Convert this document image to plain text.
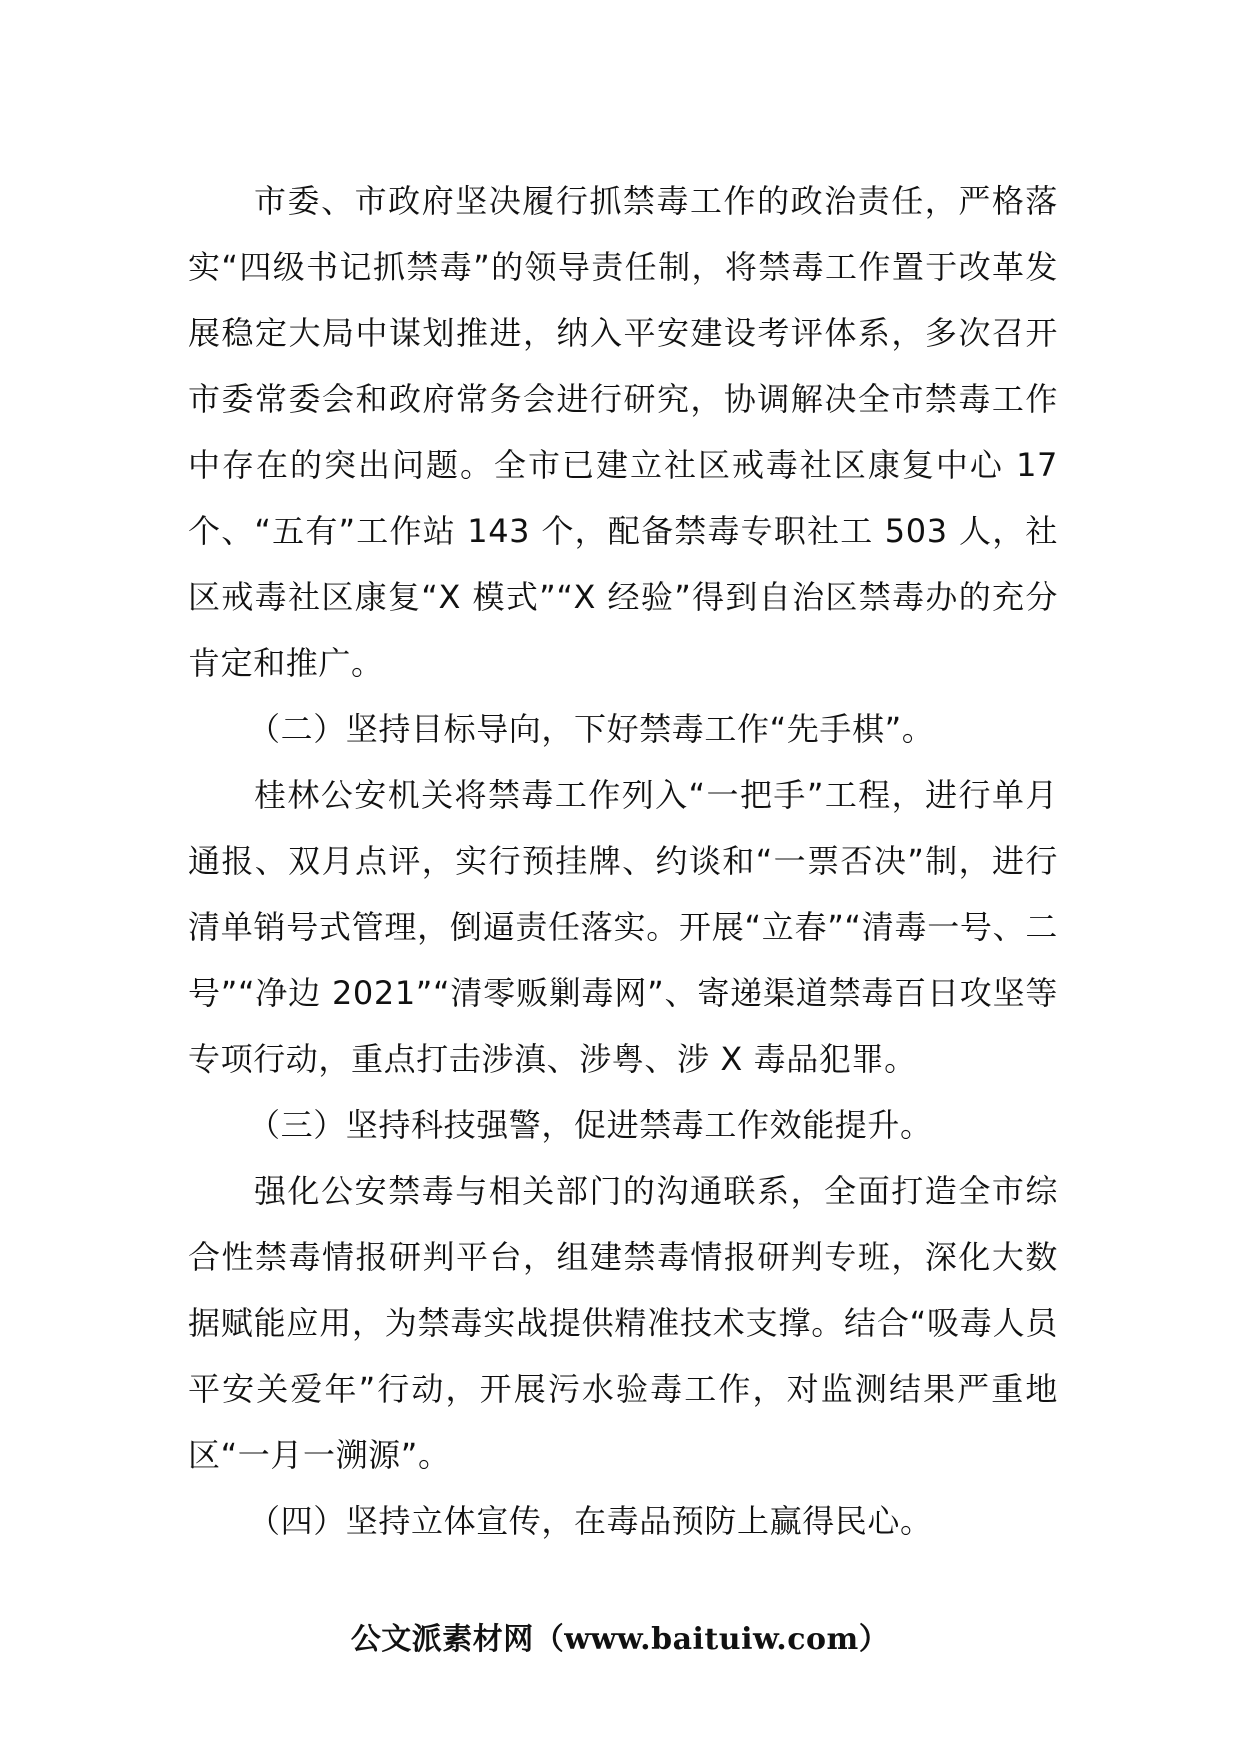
市委、市政府坚决履行抓禁毒工作的政治责任，严格落实“四级书记抓禁毒”的领导责任制，将禁毒工作置于改革发展稳定大局中谋划推进，纳入平安建设考评体系，多次召开市委常委会和政府常务会进行研究，协调解决全市禁毒工作中存在的突出问题。全市已建立社区戒毒社区康复中心 17 个、“五有”工作站 143 个，配备禁毒专职社工 503 人，社区戒毒社区康复“X 模式”“X 经验”得到自治区禁毒办的充分肯定和推广。

（二）坚持目标导向，下好禁毒工作“先手棋”。

桂林公安机关将禁毒工作列入“一把手”工程，进行单月通报、双月点评，实行预挂牌、约谈和“一票否决”制，进行清单销号式管理，倒逼责任落实。开展“立春”“清毒一号、二号”“净边 2021”“清零贩剿毒网”、寄递渠道禁毒百日攻坚等专项行动，重点打击涉滇、涉粤、涉 X 毒品犯罪。

（三）坚持科技强警，促进禁毒工作效能提升。

强化公安禁毒与相关部门的沟通联系，全面打造全市综合性禁毒情报研判平台，组建禁毒情报研判专班，深化大数据赋能应用，为禁毒实战提供精准技术支撑。结合“吸毒人员平安关爱年”行动，开展污水验毒工作，对监测结果严重地区“一月一溯源”。

（四）坚持立体宣传，在毒品预防上赢得民心。

公文派素材网（www.baituiw.com）
